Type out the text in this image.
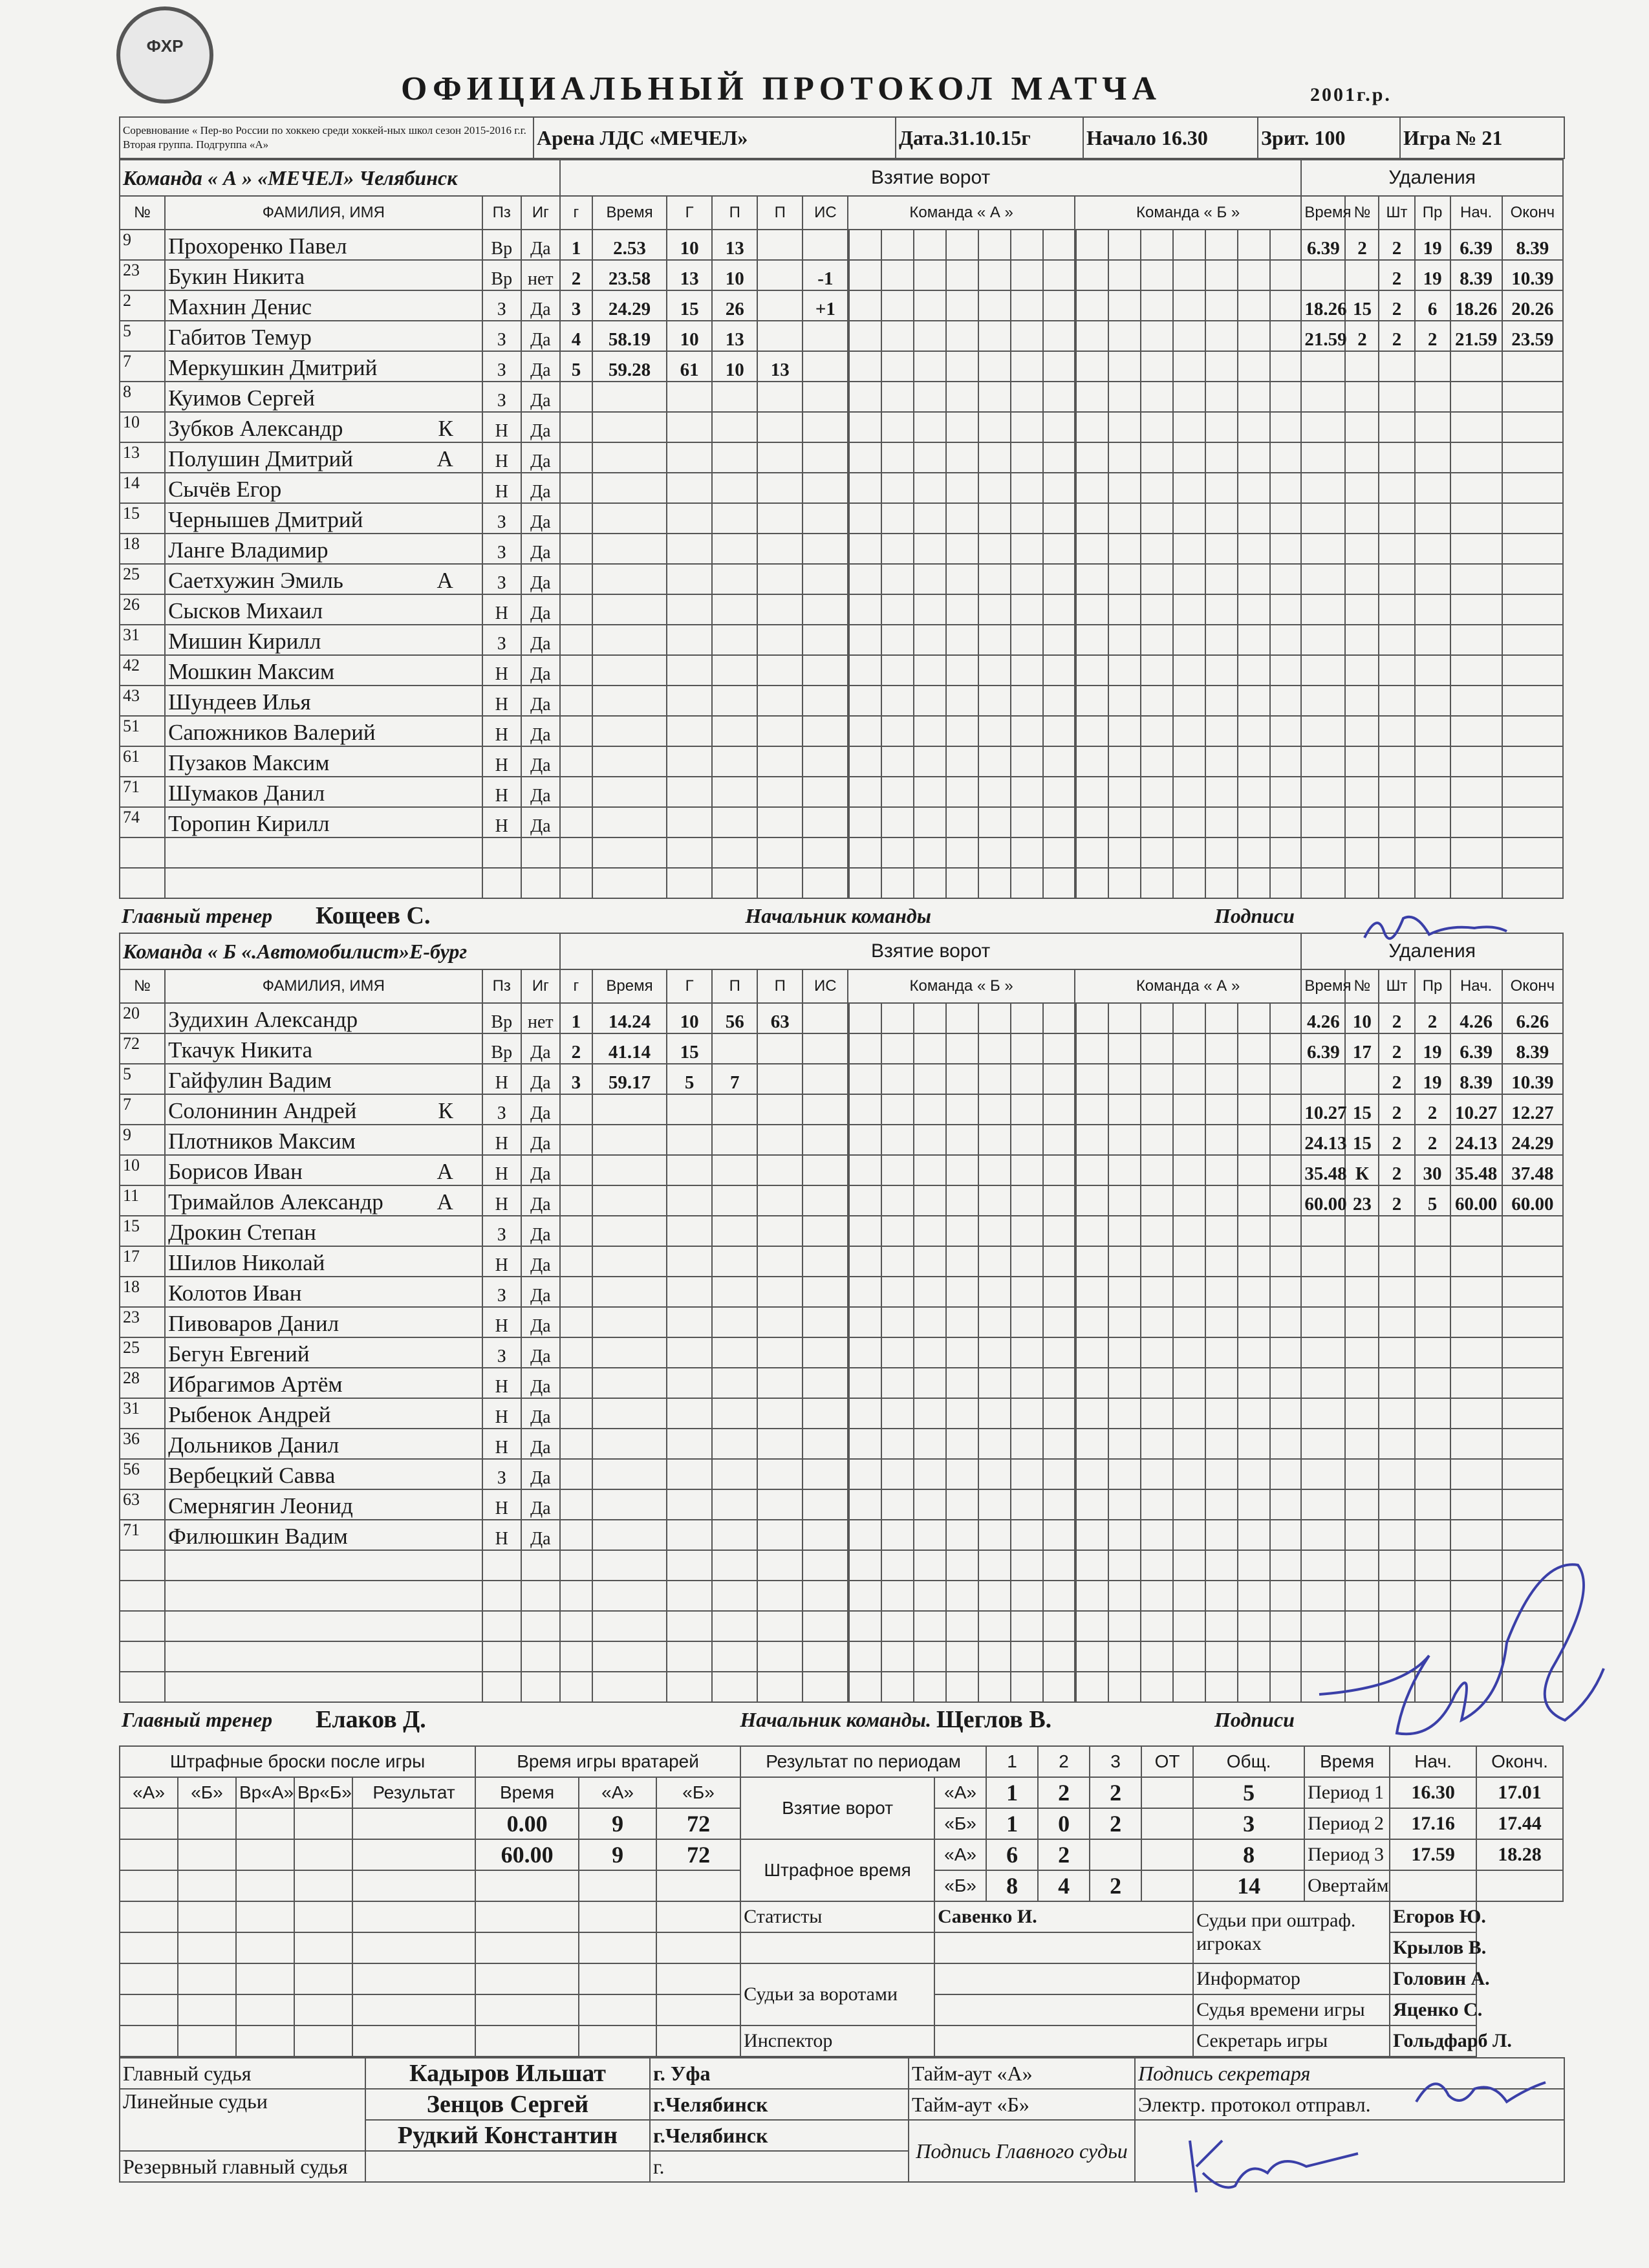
ФХР
ОФИЦИАЛЬНЫЙ ПРОТОКОЛ МАТЧА	2001г.р.
Соревнование « Пер-во России по хоккею среди хоккей-ных школ сезон 2015-2016 г.г. Вторая группа. Подгруппа «А»	Арена ЛДС «МЕЧЕЛ»	Дата.31.10.15г	Начало 16.30	Зрит. 100	Игра № 21
Команда « А » «МЕЧЕЛ» Челябинск				Взятие ворот								Удаления					
№	ФАМИЛИЯ, ИМЯ	Пз	Иг	г	Время	Г	П	П	ИС	Команда « А »	Команда « Б »	Время	№	Шт	Пр	Нач.	Оконч
9	Прохоренко Павел	Вр	Да	1	2.53	10	13					6.39	2	2	19	6.39	8.39
23	Букин Никита	Вр	нет	2	23.58	13	10		-1					2	19	8.39	10.39
2	Махнин Денис	З	Да	3	24.29	15	26		+1			18.26	15	2	6	18.26	20.26
5	Габитов Темур	З	Да	4	58.19	10	13					21.59	2	2	2	21.59	23.59
7	Меркушкин Дмитрий	З	Да	5	59.28	61	10	13									
8	Куимов Сергей	З	Да														
10	Зубков Александр К	Н	Да														
13	Полушин Дмитрий А	Н	Да														
14	Сычёв Егор	Н	Да														
15	Чернышев Дмитрий	З	Да														
18	Ланге Владимир	З	Да														
25	Саетхужин Эмиль А	З	Да														
26	Сысков Михаил	Н	Да														
31	Мишин Кирилл	З	Да														
42	Мошкин Максим	Н	Да														
43	Шундеев Илья	Н	Да														
51	Сапожников Валерий	Н	Да														
61	Пузаков Максим	Н	Да														
71	Шумаков Данил	Н	Да														
74	Торопин Кирилл	Н	Да														

Главный тренер	Кощеев С.	Начальник команды		Подписи
Команда « Б «.Автомобилист»Е-бург				Взятие ворот								Удаления					
№	ФАМИЛИЯ, ИМЯ	Пз	Иг	г	Время	Г	П	П	ИС	Команда « Б »	Команда « А »	Время	№	Шт	Пр	Нач.	Оконч
20	Зудихин Александр	Вр	нет	1	14.24	10	56	63				4.26	10	2	2	4.26	6.26
72	Ткачук Никита	Вр	Да	2	41.14	15						6.39	17	2	19	6.39	8.39
5	Гайфулин Вадим	Н	Да	3	59.17	5	7							2	19	8.39	10.39
7	Солонинин Андрей К	З	Да									10.27	15	2	2	10.27	12.27
9	Плотников Максим	Н	Да									24.13	15	2	2	24.13	24.29
10	Борисов Иван А	Н	Да									35.48	К	2	30	35.48	37.48
11	Тримайлов Александр А	Н	Да									60.00	23	2	5	60.00	60.00
15	Дрокин Степан	З	Да														
17	Шилов Николай	Н	Да														
18	Колотов Иван	З	Да														
23	Пивоваров Данил	Н	Да														
25	Бегун Евгений	З	Да														
28	Ибрагимов Артём	Н	Да														
31	Рыбенок Андрей	Н	Да														
36	Дольников Данил	Н	Да														
56	Вербецкий Савва	З	Да														
63	Смернягин Леонид	Н	Да														
71	Филюшкин Вадим	Н	Да														

Главный тренер	Елаков Д.	Начальник команды.	Щеглов В.	Подписи
Штрафные броски после игры					Время игры вратарей			Результат по периодам		1	2	3	ОТ	Общ.	Время	Нач.	Оконч.
«А»	«Б»	Вр«А»	Вр«Б»	Результат	Время	«А»	«Б»	Взятие ворот	«А»	1	2	2		5	Период 1	16.30	17.01
					0.00	9	72		«Б»	1	0	2		3	Период 2	17.16	17.44
					60.00	9	72	Штрафное время	«А»	6	2			8	Период 3	17.59	18.28
									«Б»	8	4	2		14	Овертайм		
								Статисты	Савенко И.					Судьи при оштраф. игроках		Егоров Ю.	
																Крылов В.	
								Судьи за воротами						Информатор		Головин А.	
														Судья времени игры		Яценко С.	
								Инспектор						Секретарь игры		Гольдфарб Л.	
Главный судья	Кадыров Ильшат	г. Уфа	Тайм-аут «А»	Подпись секретаря
Линейные судьи	Зенцов Сергей	г.Челябинск	Тайм-аут «Б»	Электр. протокол отправл.
	Рудкий Константин	г.Челябинск	Подпись Главного судьи	
Резервный главный судья		г.		
